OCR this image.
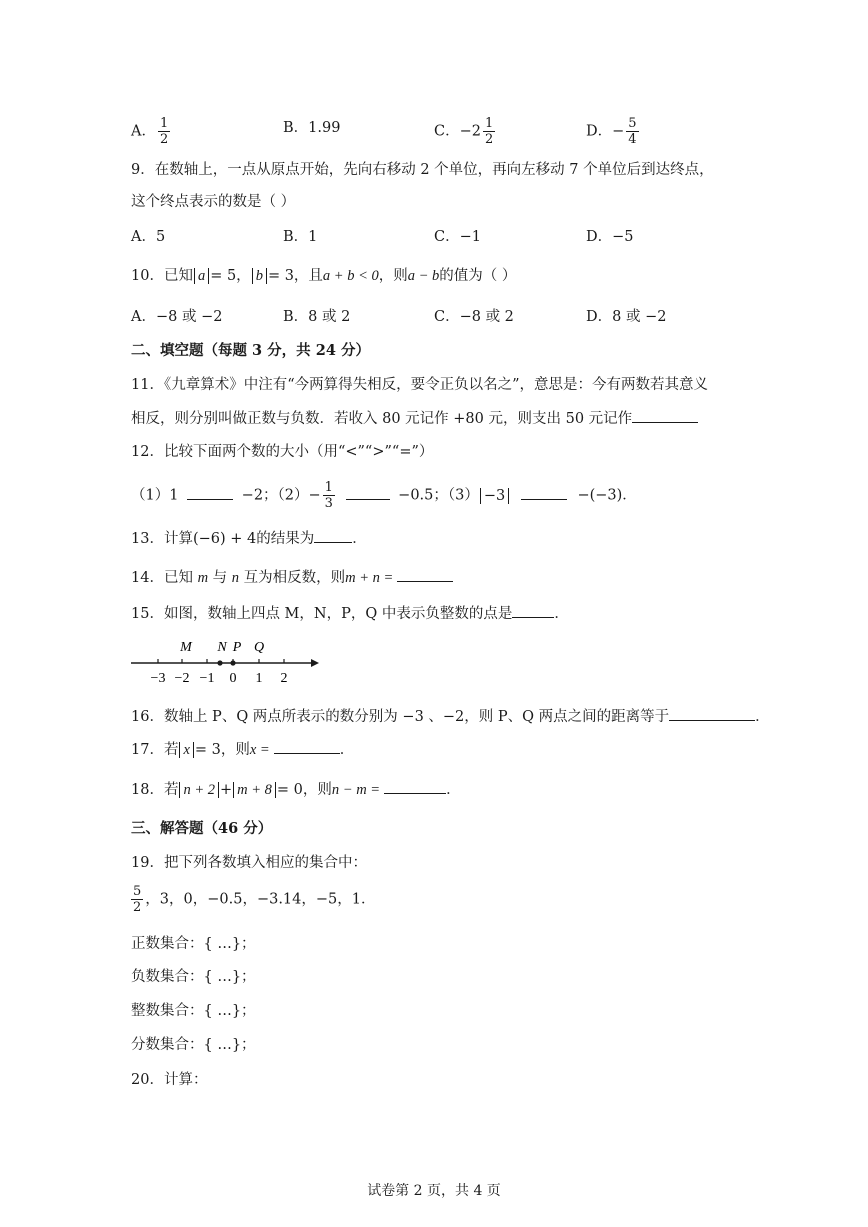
A． $\frac{1}{2}$	B．1.99	C．$-2 \frac{1}{2}$	D．− $\frac{5}{4}$
9．在数轴上，一点从原点开始，先向右移动 2 个单位，再向左移动 7 个单位后到达终点，
这个终点表示的数是（ ）
A．5	B．1	C．−1	D．−5
10．已知 a = 5， b = 3，且a + b < 0，则a − b的值为（ ）
A．−8 或 −2	B．8 或 2	C．−8 或 2	D．8 或 −2
二、填空题（每题 3 分，共 24 分）
11．《九章算术》中注有“今两算得失相反，要令正负以名之”，意思是：今有两数若其意义
相反，则分别叫做正数与负数．若收入 80 元记作 +80 元，则支出 50 元记作
12．比较下面两个数的大小（用“<”“>”“=”）
（1）1	−2；$(2)- \frac{1}{3}$	−0.5；（3） −3	−(−3)．
13．计算(−6) + 4的结果为	．
14．已知 m 与 n 互为相反数，则m + n =
15．如图，数轴上四点 M，N，P，Q 中表示负整数的点是	．
−3 −2 −1 0 1 2
M N P Q
16．数轴上 P、Q 两点所表示的数分别为 −3 、−2，则 P、Q 两点之间的距离等于	．
17．若 x = 3，则x =	．
18．若 n + 2 + m + 8 = 0，则n − m =	．
三、解答题（46 分）
19．把下列各数填入相应的集合中：
$\frac{5}{2}$ ，3，0，−0.5，−3.14，−5，1．
正数集合：{ …}；
负数集合：{ …}；
整数集合：{ …}；
分数集合：{ …}；
20．计算：
试卷第 2 页，共 4 页
